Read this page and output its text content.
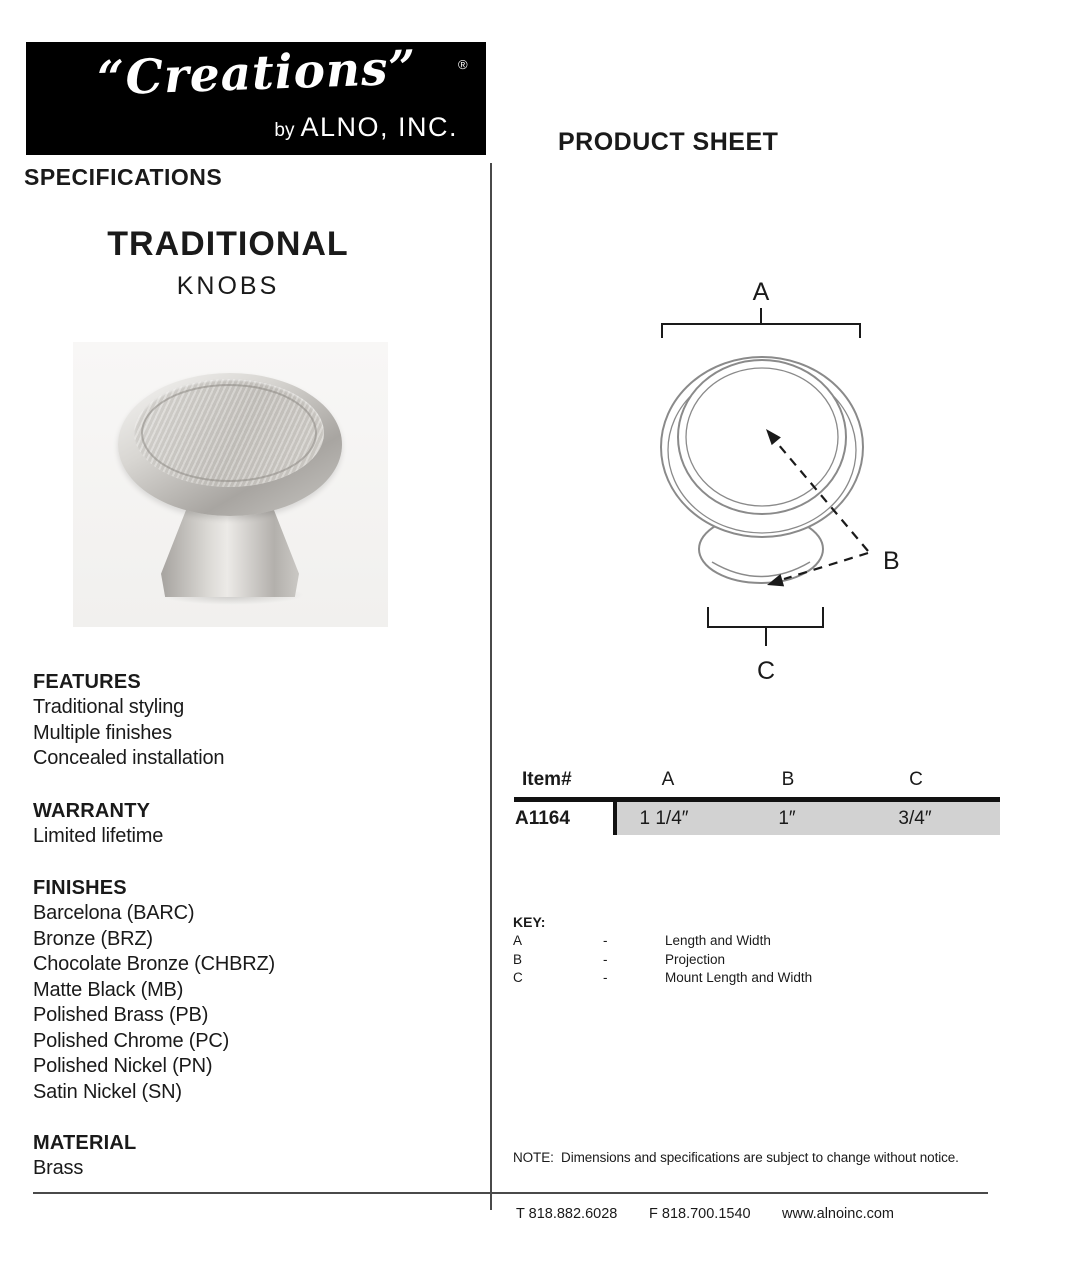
“Creations”	®
by ALNO, INC.
SPECIFICATIONS
TRADITIONAL
KNOBS
FEATURES
Traditional styling
Multiple finishes
Concealed installation
WARRANTY
Limited lifetime
FINISHES
Barcelona (BARC)
Bronze (BRZ)
Chocolate Bronze (CHBRZ)
Matte Black (MB)
Polished Brass (PB)
Polished Chrome (PC)
Polished Nickel (PN)
Satin Nickel (SN)
MATERIAL
Brass
PRODUCT SHEET
A
B
C
Item#	A	B	C
A1164	1 1/4″	1″	3/4″
KEY:
A	-	Length and Width
B	-	Projection
C	-	Mount Length and Width
NOTE:  Dimensions and specifications are subject to change without notice.
T 818.882.6028 F 818.700.1540 www.alnoinc.com
